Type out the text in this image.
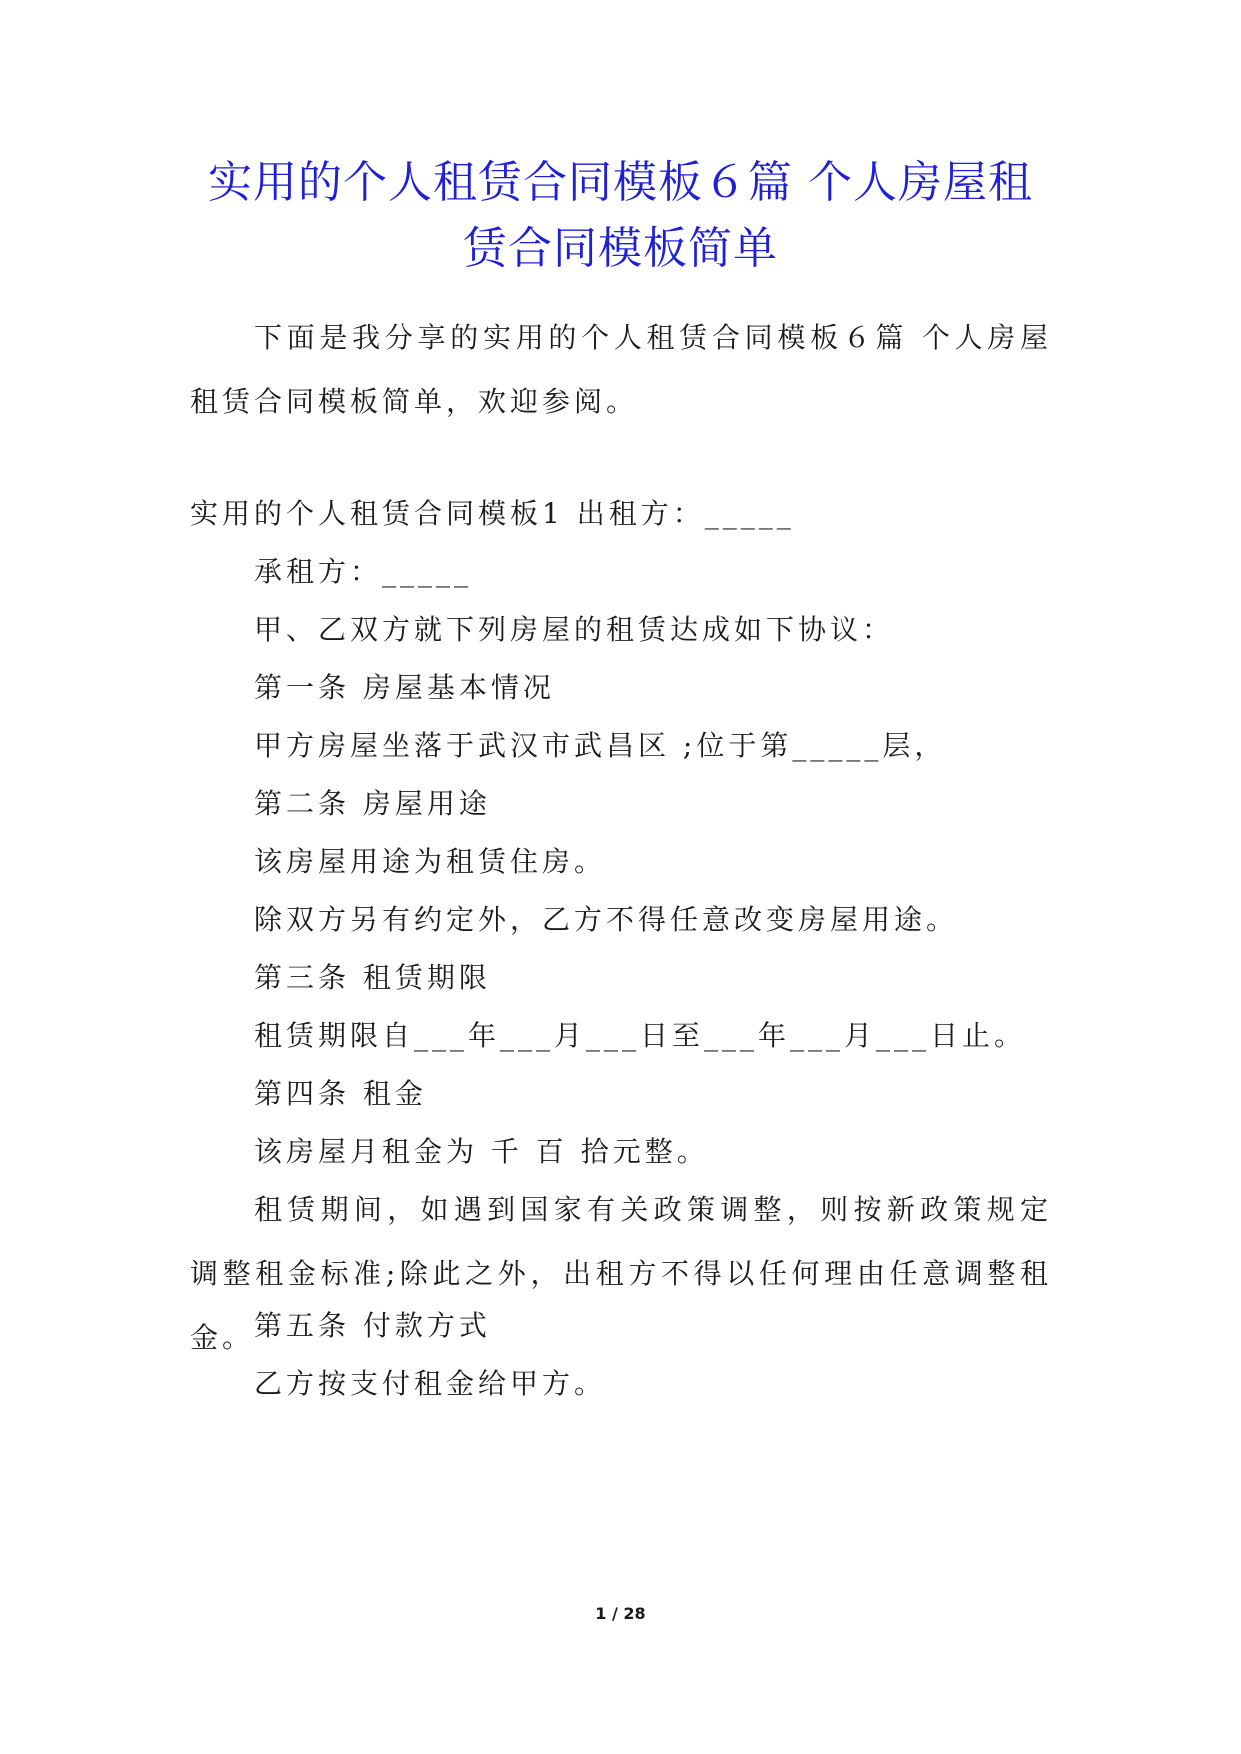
实用的个人租赁合同模板６篇 个人房屋租
赁合同模板简单

下面是我分享的实用的个人租赁合同模板６篇 个人房屋租赁合同模板简单，欢迎参阅。

实用的个人租赁合同模板1 出租方：_____

承租方：_____

甲、乙双方就下列房屋的租赁达成如下协议：

第一条 房屋基本情况

甲方房屋坐落于武汉市武昌区 ;位于第_____层，

第二条 房屋用途

该房屋用途为租赁住房。

除双方另有约定外，乙方不得任意改变房屋用途。

第三条 租赁期限

租赁期限自___年___月___日至___年___月___日止。

第四条 租金

该房屋月租金为 千 百 拾元整。

租赁期间，如遇到国家有关政策调整，则按新政策规定调整租金标准;除此之外，出租方不得以任何理由任意调整租金。 第五条 付款方式

乙方按支付租金给甲方。

1 / 28
